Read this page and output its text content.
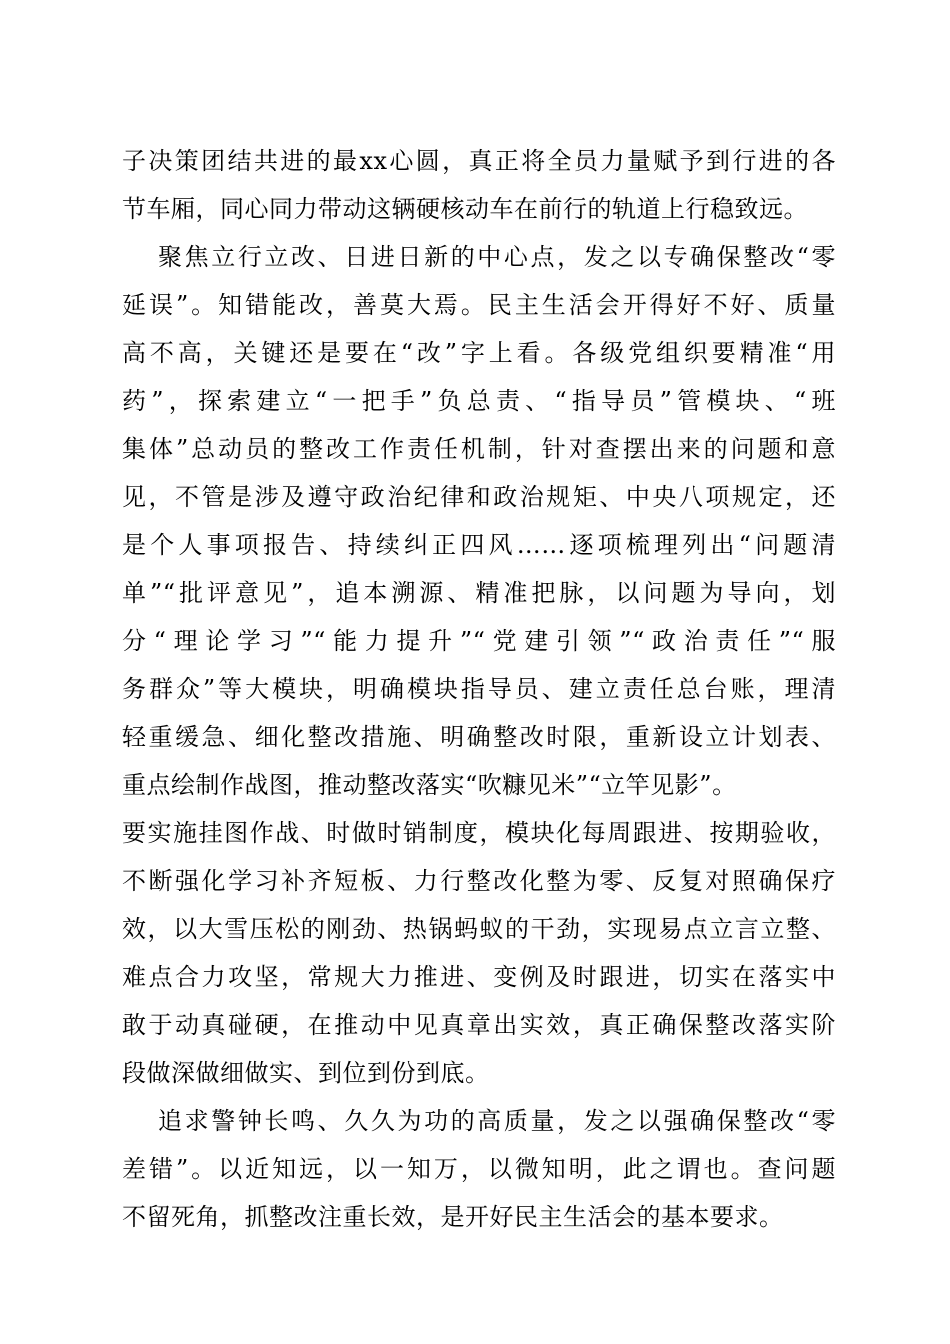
子决策团结共进的最xx心圆，真正将全员力量赋予到行进的各
节车厢，同心同力带动这辆硬核动车在前行的轨道上行稳致远。
聚焦立行立改、日进日新的中心点，发之以专确保整改“零
延误”。知错能改，善莫大焉。民主生活会开得好不好、质量
高不高，关键还是要在“改”字上看。各级党组织要精准“用
药”，探索建立“一把手”负总责、“指导员”管模块、“班
集体”总动员的整改工作责任机制，针对查摆出来的问题和意
见，不管是涉及遵守政治纪律和政治规矩、中央八项规定，还
是个人事项报告、持续纠正四风……逐项梳理列出“问题清
单”“批评意见”，追本溯源、精准把脉，以问题为导向，划
分“理论学习”“能力提升”“党建引领”“政治责任”“服
务群众”等大模块，明确模块指导员、建立责任总台账，理清
轻重缓急、细化整改措施、明确整改时限，重新设立计划表、
重点绘制作战图，推动整改落实“吹糠见米”“立竿见影”。
要实施挂图作战、时做时销制度，模块化每周跟进、按期验收，
不断强化学习补齐短板、力行整改化整为零、反复对照确保疗
效，以大雪压松的刚劲、热锅蚂蚁的干劲，实现易点立言立整、
难点合力攻坚，常规大力推进、变例及时跟进，切实在落实中
敢于动真碰硬，在推动中见真章出实效，真正确保整改落实阶
段做深做细做实、到位到份到底。
追求警钟长鸣、久久为功的高质量，发之以强确保整改“零
差错”。以近知远，以一知万，以微知明，此之谓也。查问题
不留死角，抓整改注重长效，是开好民主生活会的基本要求。
